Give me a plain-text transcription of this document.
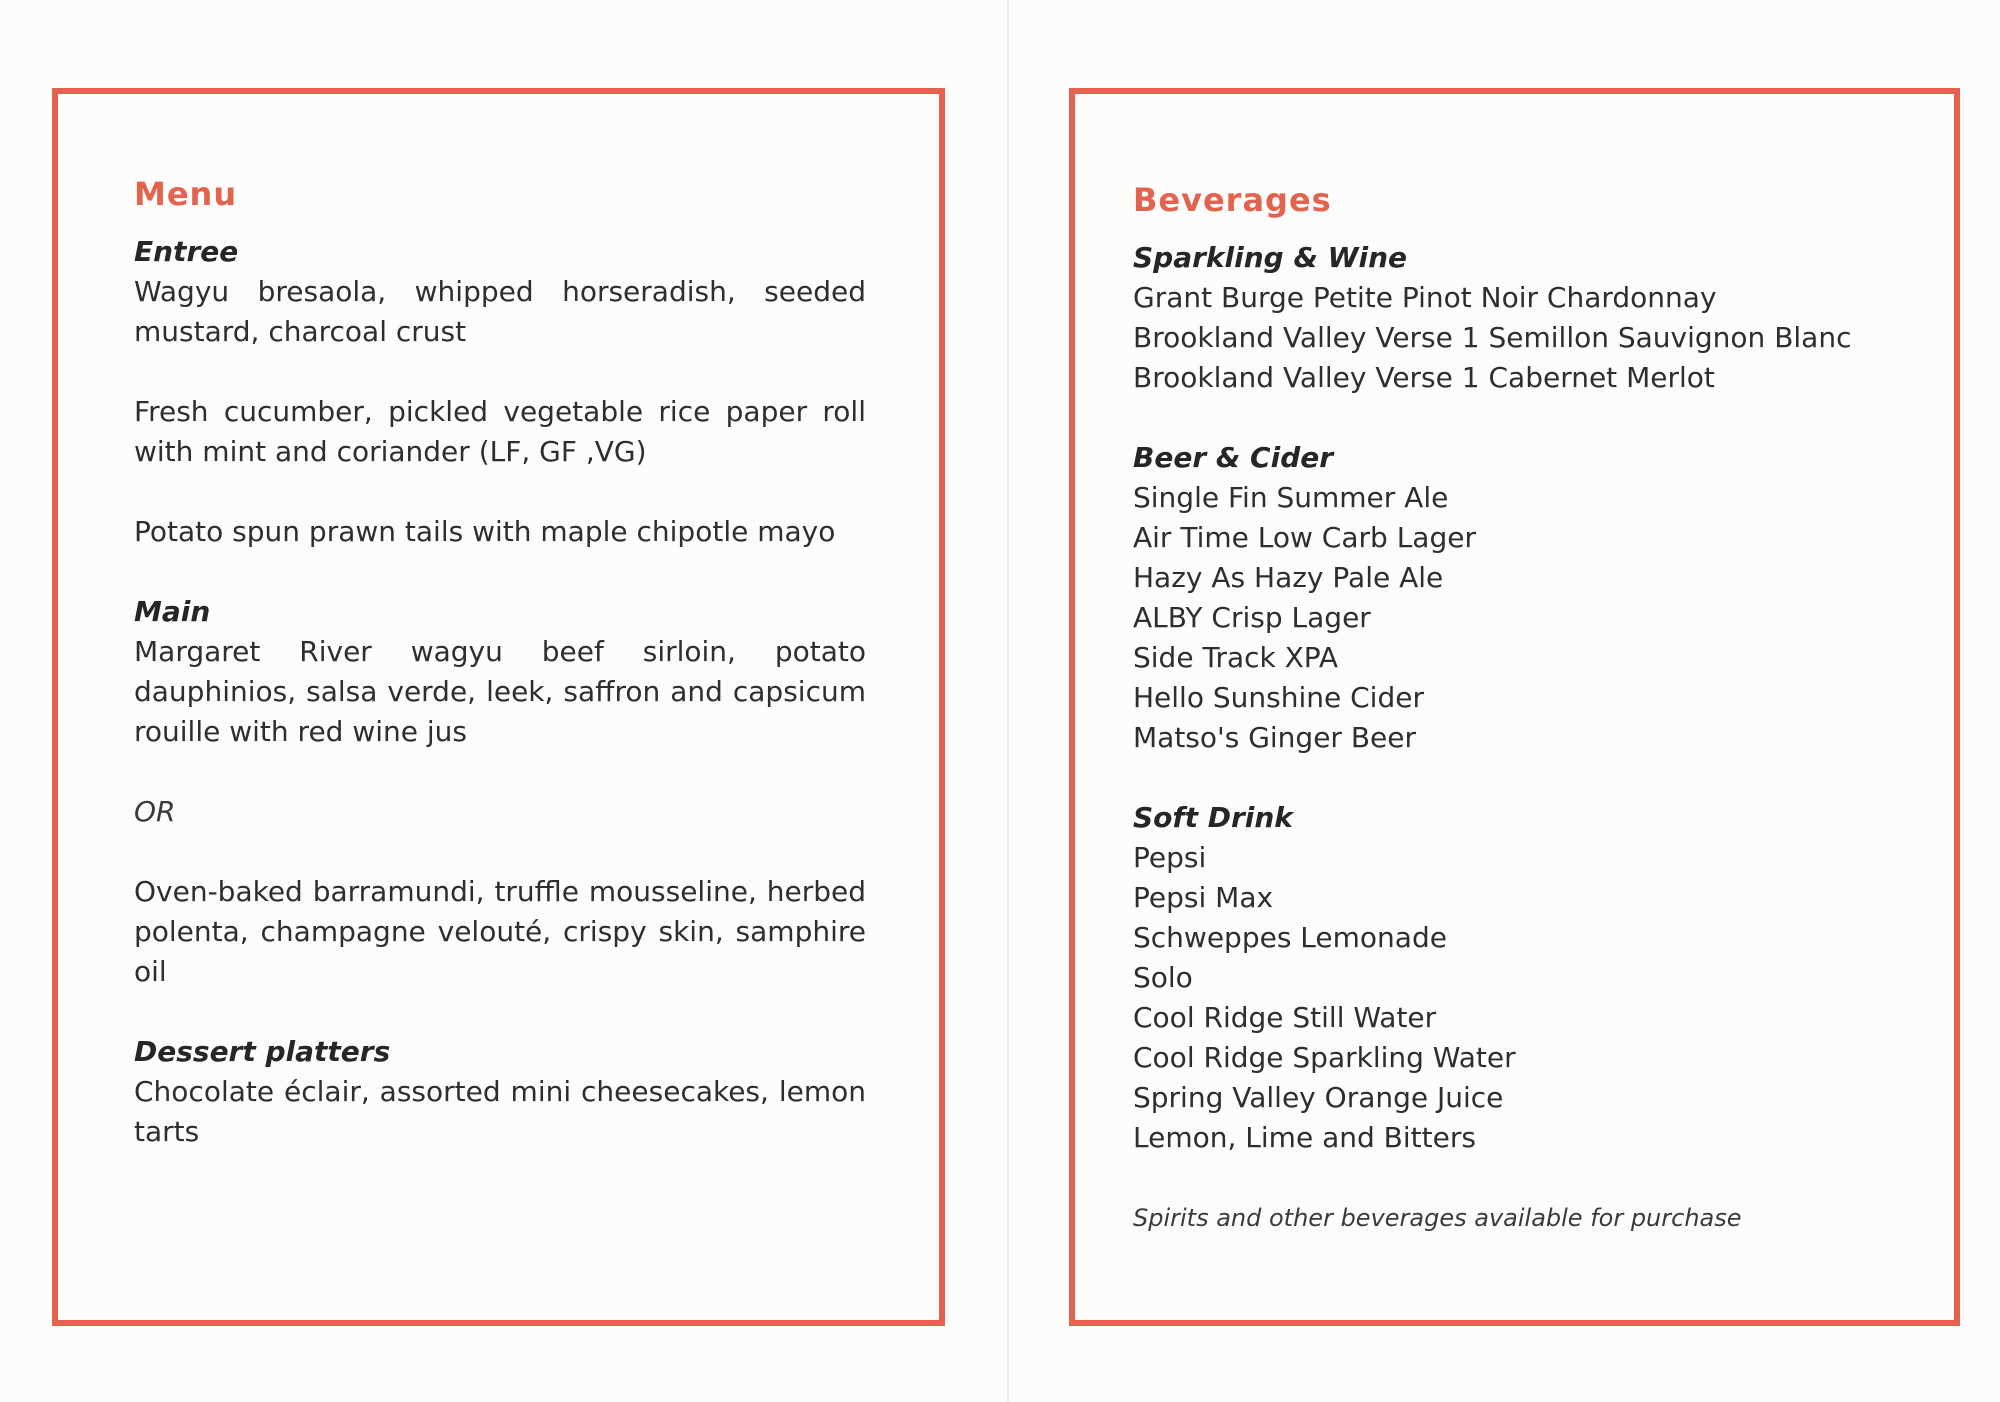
Menu
Entree
Wagyu bresaola, whipped horseradish, seeded mustard, charcoal crust
Fresh cucumber, pickled vegetable rice paper roll with mint and coriander (LF, GF ,VG)
Potato spun prawn tails with maple chipotle mayo
Main
Margaret River wagyu beef sirloin, potato dauphinios, salsa verde, leek, saffron and capsicum rouille with red wine jus
OR
Oven-baked barramundi, truffle mousseline, herbed polenta, champagne velouté, crispy skin, samphire oil
Dessert platters
Chocolate éclair, assorted mini cheesecakes, lemon tarts
Beverages
Sparkling & Wine
Grant Burge Petite Pinot Noir Chardonnay
Brookland Valley Verse 1 Semillon Sauvignon Blanc
Brookland Valley Verse 1 Cabernet Merlot
Beer & Cider
Single Fin Summer Ale
Air Time Low Carb Lager
Hazy As Hazy Pale Ale
ALBY Crisp Lager
Side Track XPA
Hello Sunshine Cider
Matso's Ginger Beer
Soft Drink
Pepsi
Pepsi Max
Schweppes Lemonade
Solo
Cool Ridge Still Water
Cool Ridge Sparkling Water
Spring Valley Orange Juice
Lemon, Lime and Bitters
Spirits and other beverages available for purchase
